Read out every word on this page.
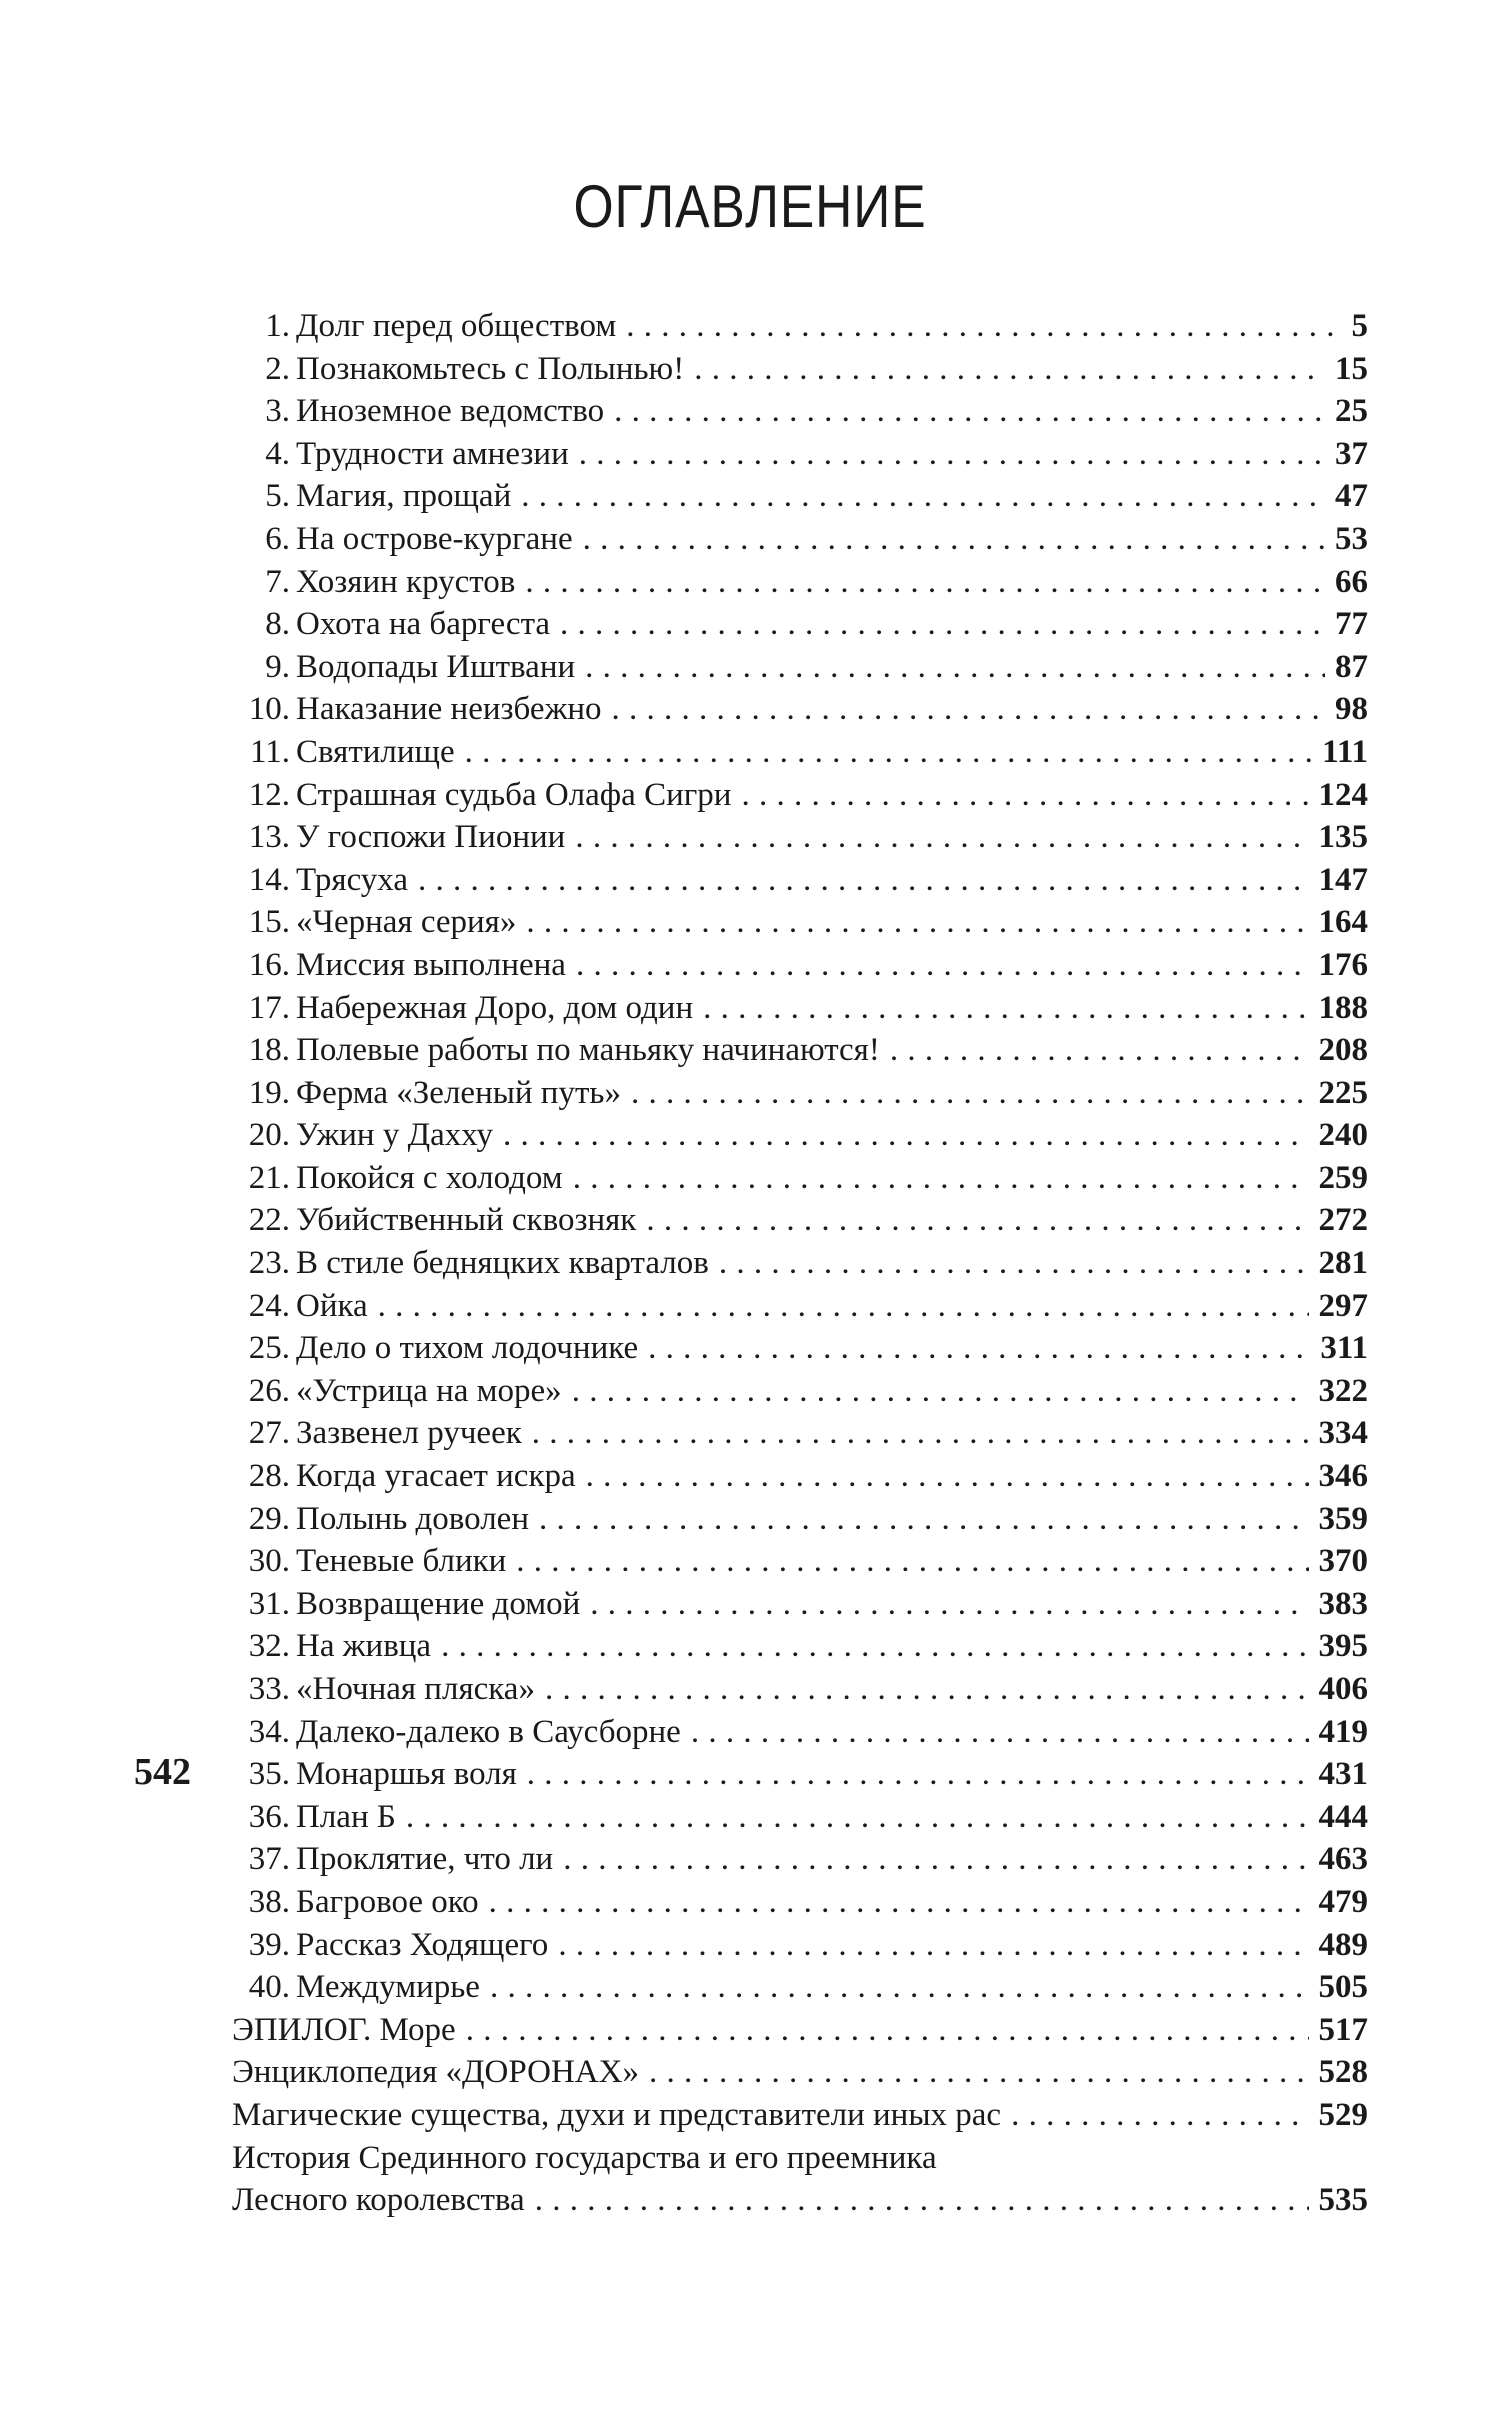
ОГЛАВЛЕНИЕ
542
1. Долг перед обществом . . .	5
2. Познакомьтесь с Полынью! . . .	15
3. Иноземное ведомство . . .	25
4. Трудности амнезии . . .	37
5. Магия, прощай . . .	47
6. На острове-кургане . . .	53
7. Хозяин крустов . . .	66
8. Охота на баргеста . . .	77
9. Водопады Иштвани . . .	87
10. Наказание неизбежно . . .	98
11. Святилище . . .	111
12. Страшная судьба Олафа Сигри . . .	124
13. У госпожи Пионии . . .	135
14. Трясуха . . .	147
15. «Черная серия» . . .	164
16. Миссия выполнена . . .	176
17. Набережная Доро, дом один . . .	188
18. Полевые работы по маньяку начинаются! . . .	208
19. Ферма «Зеленый путь» . . .	225
20. Ужин у Дахху . . .	240
21. Покойся с холодом . . .	259
22. Убийственный сквозняк . . .	272
23. В стиле бедняцких кварталов . . .	281
24. Ойка . . .	297
25. Дело о тихом лодочнике . . .	311
26. «Устрица на море» . . .	322
27. Зазвенел ручеек . . .	334
28. Когда угасает искра . . .	346
29. Полынь доволен . . .	359
30. Теневые блики . . .	370
31. Возвращение домой . . .	383
32. На живца . . .	395
33. «Ночная пляска» . . .	406
34. Далеко-далеко в Саусборне . . .	419
35. Монаршья воля . . .	431
36. План Б . . .	444
37. Проклятие, что ли . . .	463
38. Багровое око . . .	479
39. Рассказ Ходящего . . .	489
40. Междумирье . . .	505
ЭПИЛОГ. Море . . .	517
Энциклопедия «ДОРОНАХ» . . .	528
Магические существа, духи и представители иных рас . . .	529
История Срединного государства и его преемника
Лесного королевства . . .	535
